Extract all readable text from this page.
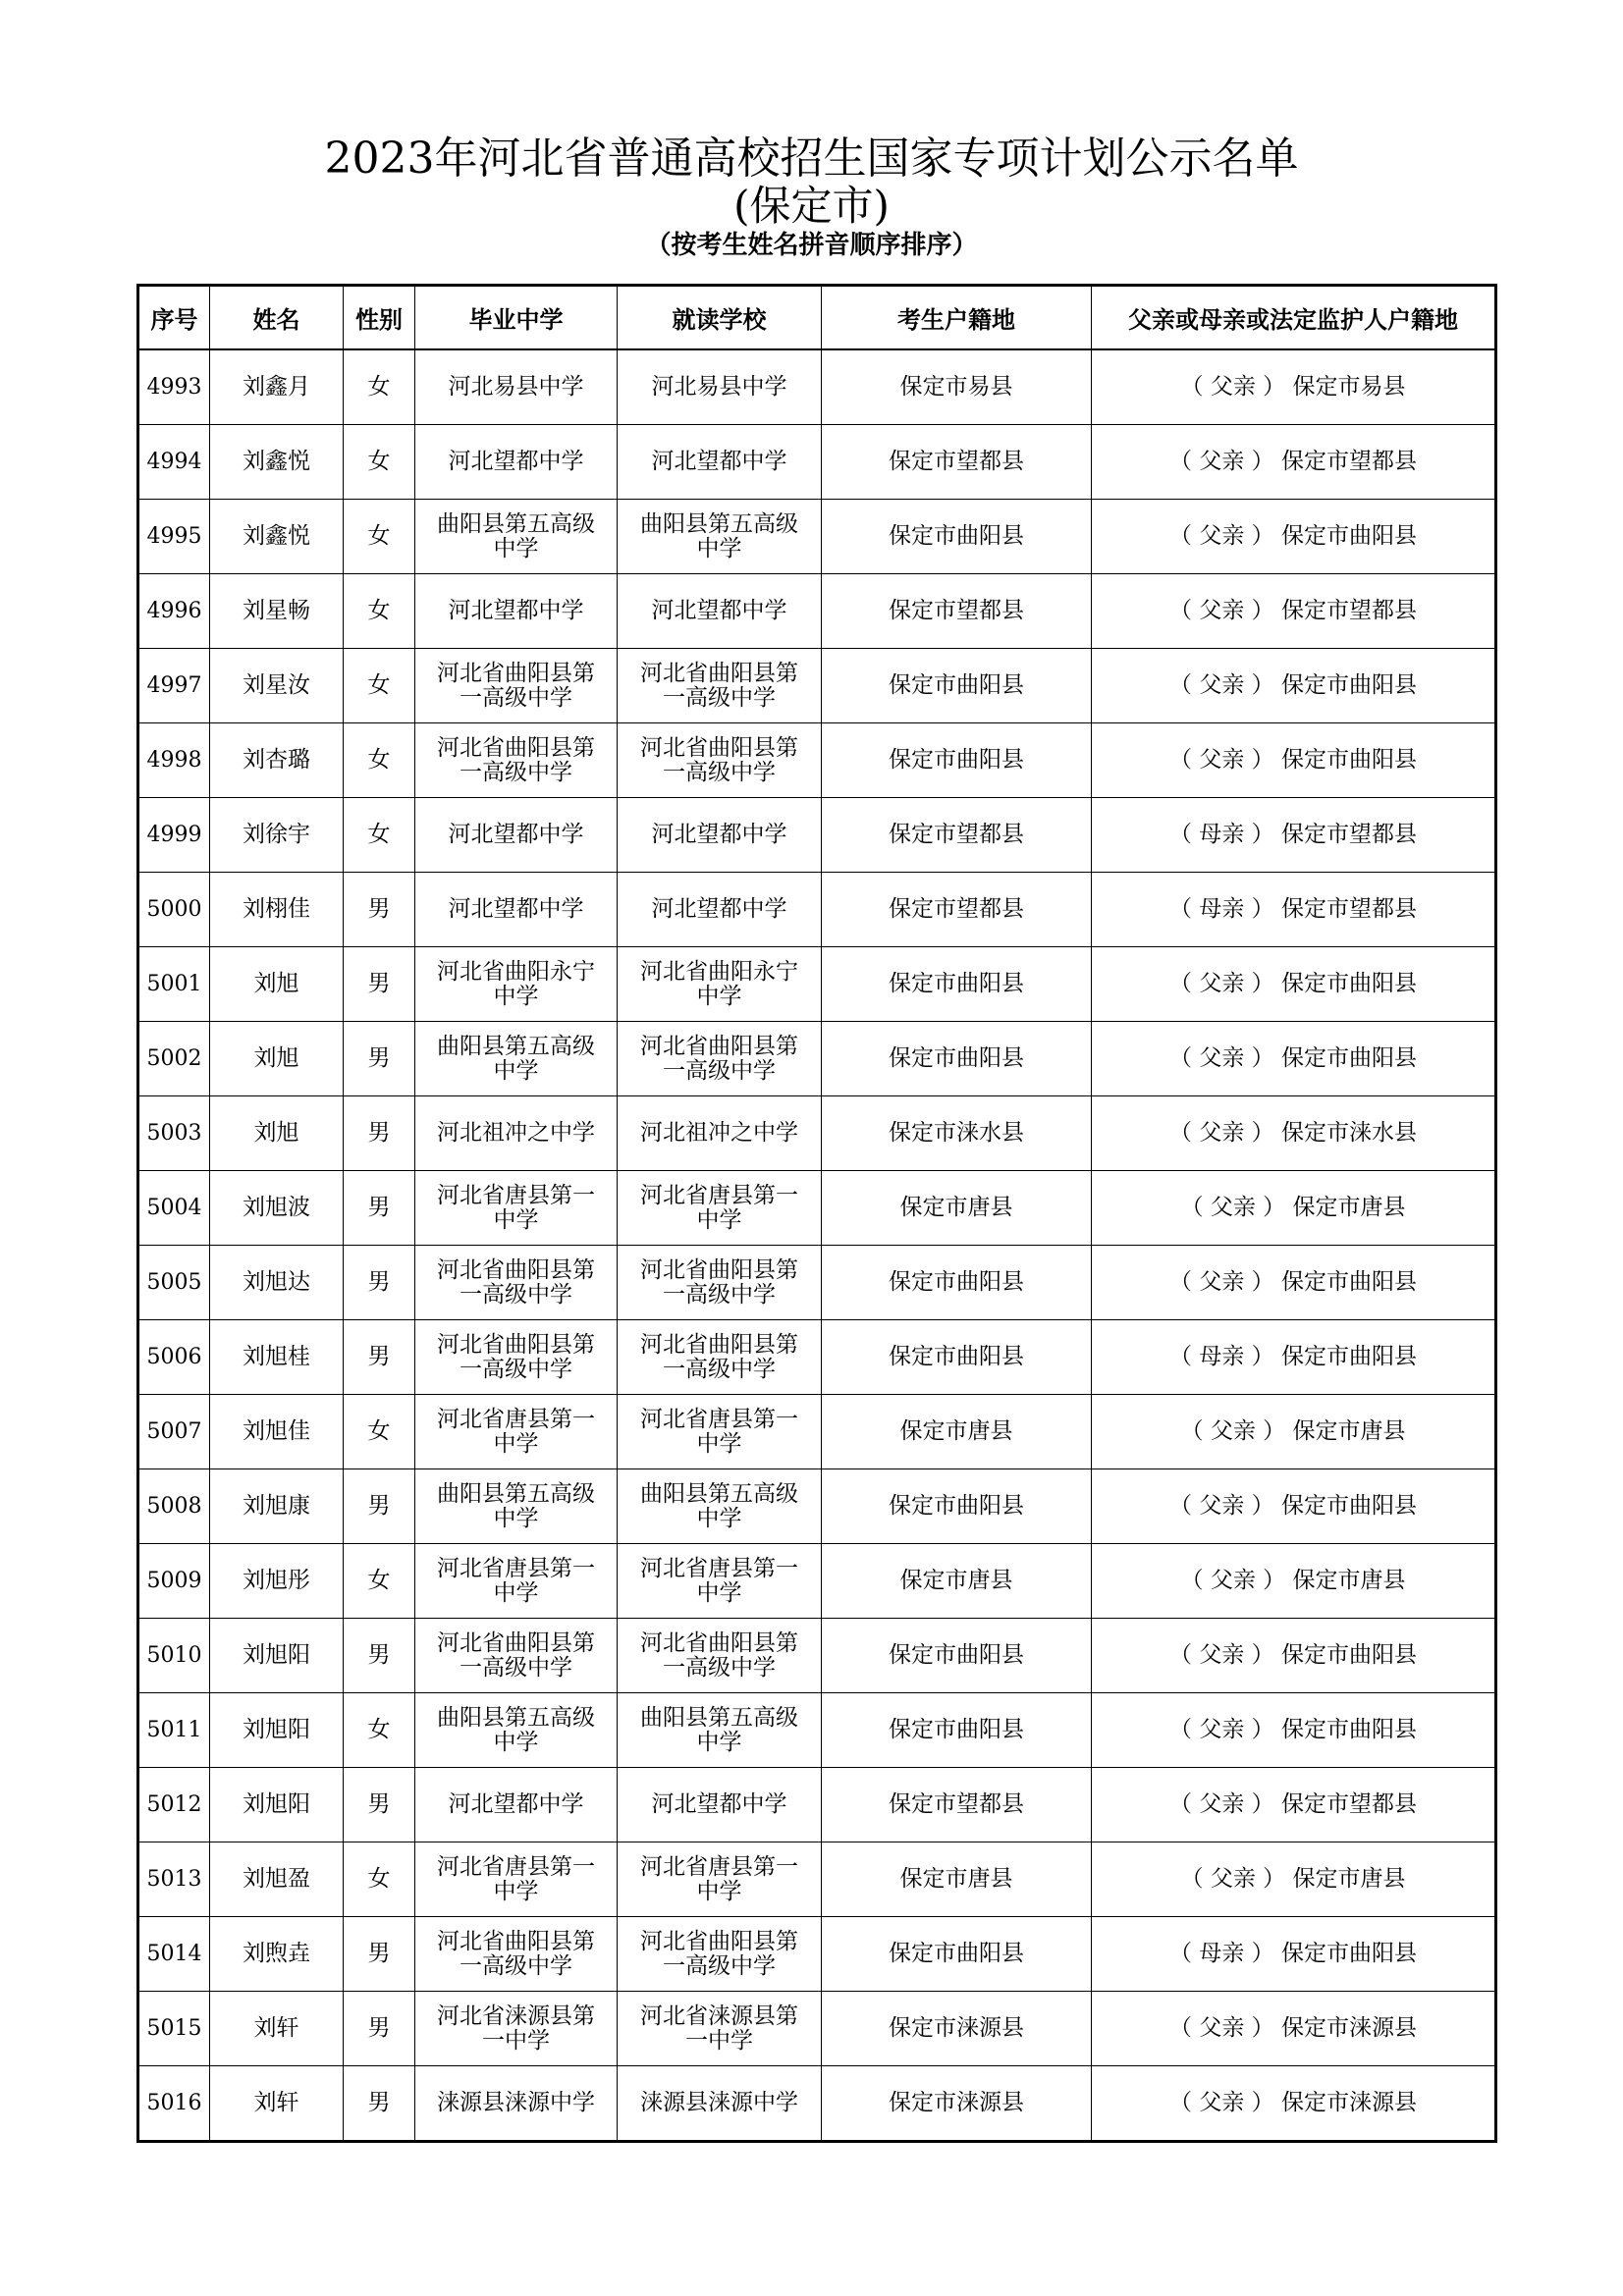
2023年河北省普通高校招生国家专项计划公示名单
(保定市)
（按考生姓名拼音顺序排序）
序号	姓名	性别	毕业中学	就读学校	考生户籍地	父亲或母亲或法定监护人户籍地
4993	刘鑫月	女	河北易县中学	河北易县中学	保定市易县	（ 父亲 ） 保定市易县
4994	刘鑫悦	女	河北望都中学	河北望都中学	保定市望都县	（ 父亲 ） 保定市望都县
4995	刘鑫悦	女	曲阳县第五高级中学	曲阳县第五高级中学	保定市曲阳县	（ 父亲 ） 保定市曲阳县
4996	刘星畅	女	河北望都中学	河北望都中学	保定市望都县	（ 父亲 ） 保定市望都县
4997	刘星汝	女	河北省曲阳县第一高级中学	河北省曲阳县第一高级中学	保定市曲阳县	（ 父亲 ） 保定市曲阳县
4998	刘杏璐	女	河北省曲阳县第一高级中学	河北省曲阳县第一高级中学	保定市曲阳县	（ 父亲 ） 保定市曲阳县
4999	刘徐宇	女	河北望都中学	河北望都中学	保定市望都县	（ 母亲 ） 保定市望都县
5000	刘栩佳	男	河北望都中学	河北望都中学	保定市望都县	（ 母亲 ） 保定市望都县
5001	刘旭	男	河北省曲阳永宁中学	河北省曲阳永宁中学	保定市曲阳县	（ 父亲 ） 保定市曲阳县
5002	刘旭	男	曲阳县第五高级中学	河北省曲阳县第一高级中学	保定市曲阳县	（ 父亲 ） 保定市曲阳县
5003	刘旭	男	河北祖冲之中学	河北祖冲之中学	保定市涞水县	（ 父亲 ） 保定市涞水县
5004	刘旭波	男	河北省唐县第一中学	河北省唐县第一中学	保定市唐县	（ 父亲 ） 保定市唐县
5005	刘旭达	男	河北省曲阳县第一高级中学	河北省曲阳县第一高级中学	保定市曲阳县	（ 父亲 ） 保定市曲阳县
5006	刘旭桂	男	河北省曲阳县第一高级中学	河北省曲阳县第一高级中学	保定市曲阳县	（ 母亲 ） 保定市曲阳县
5007	刘旭佳	女	河北省唐县第一中学	河北省唐县第一中学	保定市唐县	（ 父亲 ） 保定市唐县
5008	刘旭康	男	曲阳县第五高级中学	曲阳县第五高级中学	保定市曲阳县	（ 父亲 ） 保定市曲阳县
5009	刘旭彤	女	河北省唐县第一中学	河北省唐县第一中学	保定市唐县	（ 父亲 ） 保定市唐县
5010	刘旭阳	男	河北省曲阳县第一高级中学	河北省曲阳县第一高级中学	保定市曲阳县	（ 父亲 ） 保定市曲阳县
5011	刘旭阳	女	曲阳县第五高级中学	曲阳县第五高级中学	保定市曲阳县	（ 父亲 ） 保定市曲阳县
5012	刘旭阳	男	河北望都中学	河北望都中学	保定市望都县	（ 父亲 ） 保定市望都县
5013	刘旭盈	女	河北省唐县第一中学	河北省唐县第一中学	保定市唐县	（ 父亲 ） 保定市唐县
5014	刘煦垚	男	河北省曲阳县第一高级中学	河北省曲阳县第一高级中学	保定市曲阳县	（ 母亲 ） 保定市曲阳县
5015	刘轩	男	河北省涞源县第一中学	河北省涞源县第一中学	保定市涞源县	（ 父亲 ） 保定市涞源县
5016	刘轩	男	涞源县涞源中学	涞源县涞源中学	保定市涞源县	（ 父亲 ） 保定市涞源县
